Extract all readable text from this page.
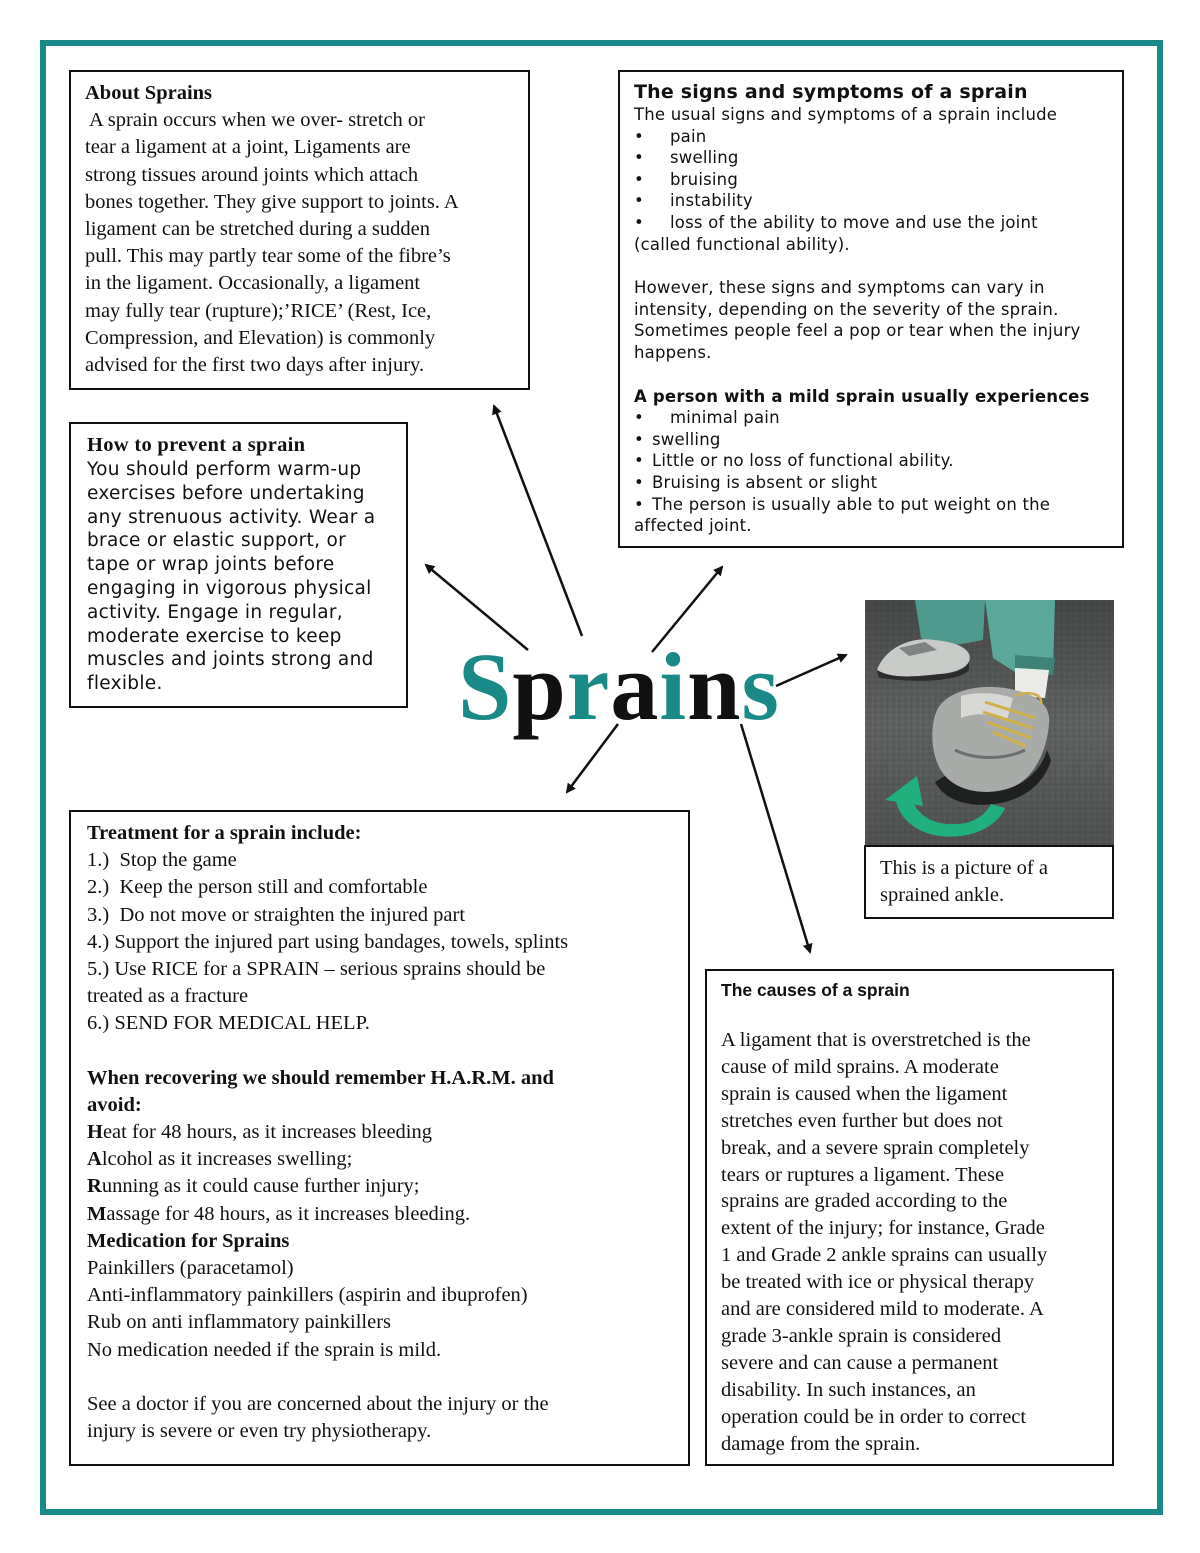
Sprains
About Sprains
A sprain occurs when we over- stretch or
tear a ligament at a joint, Ligaments are
strong tissues around joints which attach
bones together. They give support to joints. A
ligament can be stretched during a sudden
pull. This may partly tear some of the fibre’s
in the ligament. Occasionally, a ligament
may fully tear (rupture);’RICE’ (Rest, Ice,
Compression, and Elevation) is commonly
advised for the first two days after injury.
The signs and symptoms of a sprain
The usual signs and symptoms of a sprain include
• pain
• swelling
• bruising
• instability
• loss of the ability to move and use the joint
(called functional ability).
However, these signs and symptoms can vary in
intensity, depending on the severity of the sprain.
Sometimes people feel a pop or tear when the injury
happens.
A person with a mild sprain usually experiences
• minimal pain
• swelling
• Little or no loss of functional ability.
• Bruising is absent or slight
• The person is usually able to put weight on the
affected joint.
How to prevent a sprain
You should perform warm-up
exercises before undertaking
any strenuous activity. Wear a
brace or elastic support, or
tape or wrap joints before
engaging in vigorous physical
activity. Engage in regular,
moderate exercise to keep
muscles and joints strong and
flexible.
This is a picture of a
sprained ankle.
Treatment for a sprain include:
1.)  Stop the game
2.)  Keep the person still and comfortable
3.)  Do not move or straighten the injured part
4.) Support the injured part using bandages, towels, splints
5.) Use RICE for a SPRAIN – serious sprains should be
treated as a fracture
6.) SEND FOR MEDICAL HELP.
When recovering we should remember H.A.R.M. and
avoid:
Heat for 48 hours, as it increases bleeding
Alcohol as it increases swelling;
Running as it could cause further injury;
Massage for 48 hours, as it increases bleeding.
Medication for Sprains
Painkillers (paracetamol)
Anti-inflammatory painkillers (aspirin and ibuprofen)
Rub on anti inflammatory painkillers
No medication needed if the sprain is mild.
See a doctor if you are concerned about the injury or the
injury is severe or even try physiotherapy.
The causes of a sprain
A ligament that is overstretched is the
cause of mild sprains. A moderate
sprain is caused when the ligament
stretches even further but does not
break, and a severe sprain completely
tears or ruptures a ligament. These
sprains are graded according to the
extent of the injury; for instance, Grade
1 and Grade 2 ankle sprains can usually
be treated with ice or physical therapy
and are considered mild to moderate. A
grade 3-ankle sprain is considered
severe and can cause a permanent
disability. In such instances, an
operation could be in order to correct
damage from the sprain.
